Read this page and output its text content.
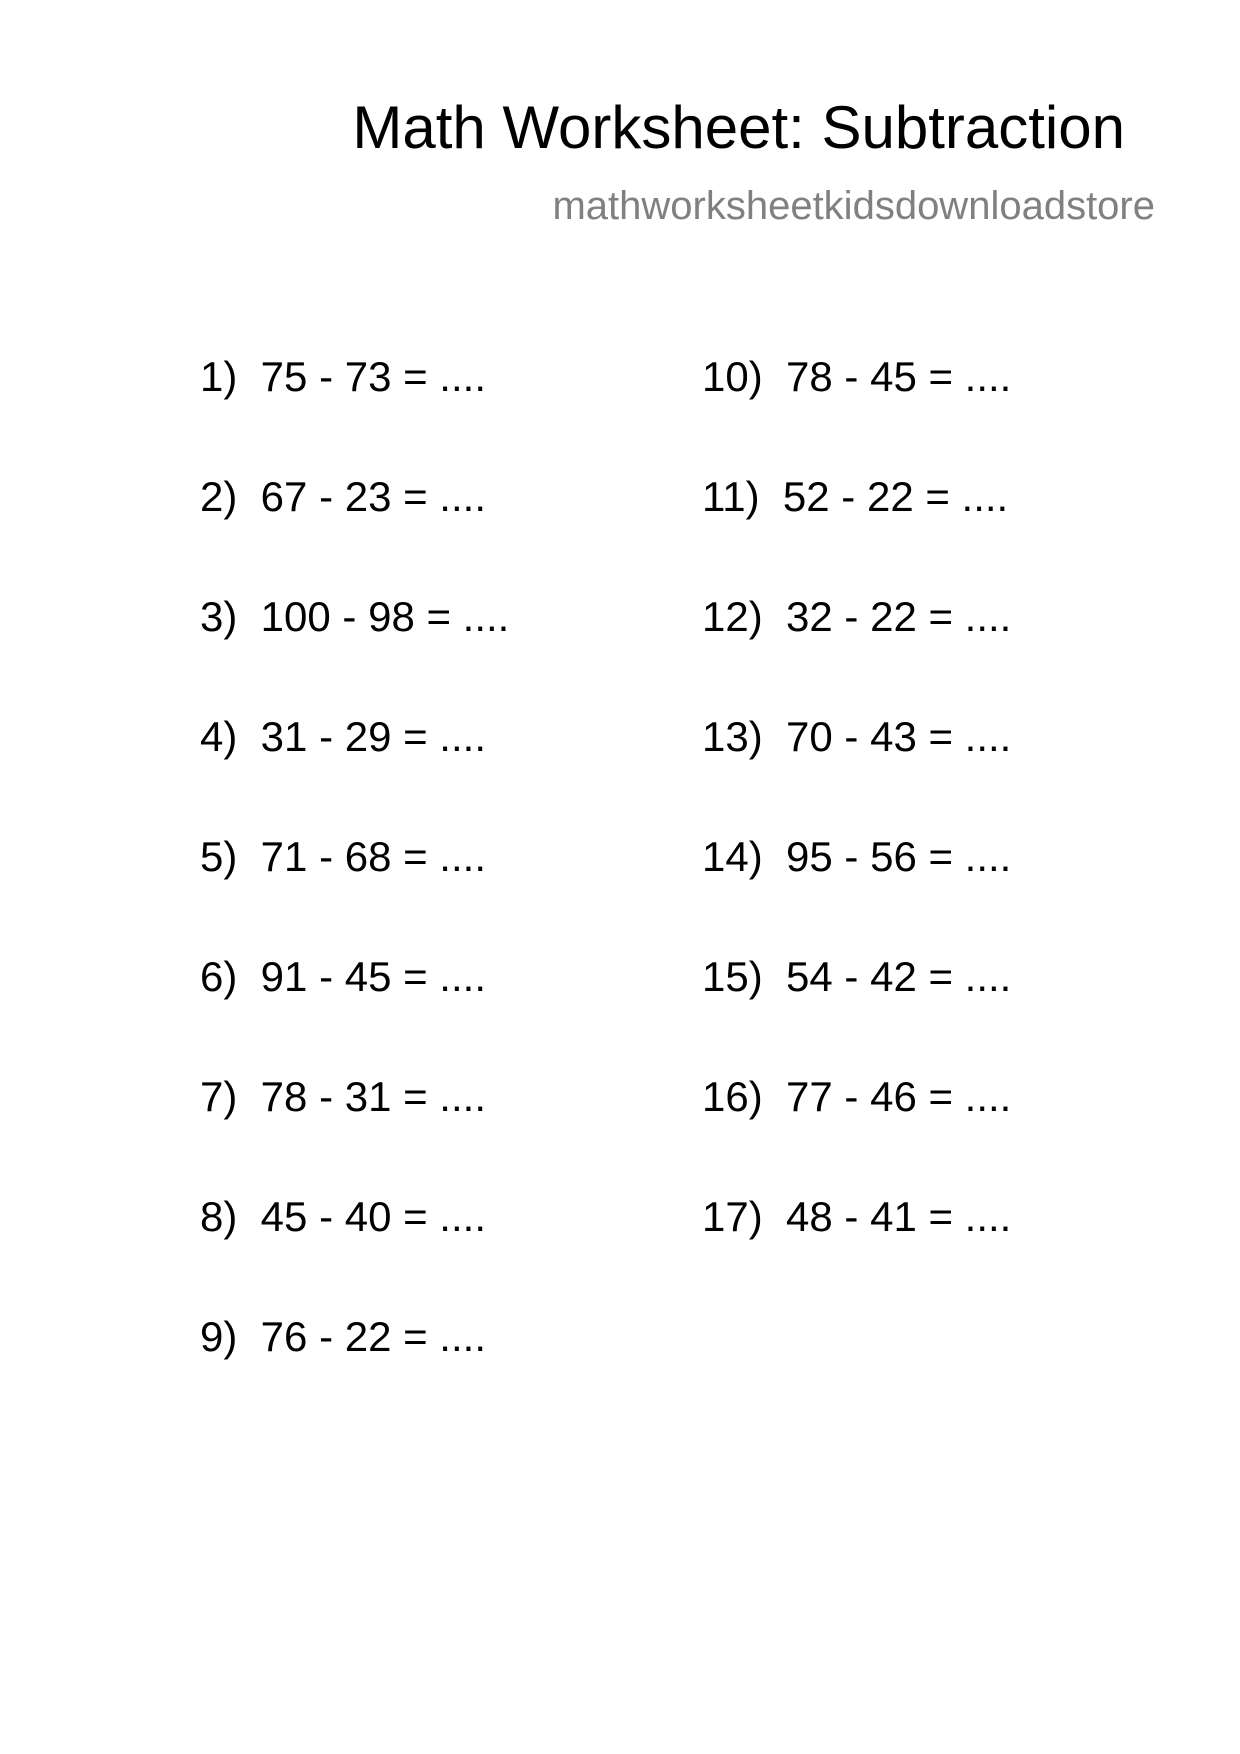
Math Worksheet: Subtraction
mathworksheetkidsdownloadstore
1)  75 - 73 = ....
2)  67 - 23 = ....
3)  100 - 98 = ....
4)  31 - 29 = ....
5)  71 - 68 = ....
6)  91 - 45 = ....
7)  78 - 31 = ....
8)  45 - 40 = ....
9)  76 - 22 = ....
10)  78 - 45 = ....
11)  52 - 22 = ....
12)  32 - 22 = ....
13)  70 - 43 = ....
14)  95 - 56 = ....
15)  54 - 42 = ....
16)  77 - 46 = ....
17)  48 - 41 = ....
